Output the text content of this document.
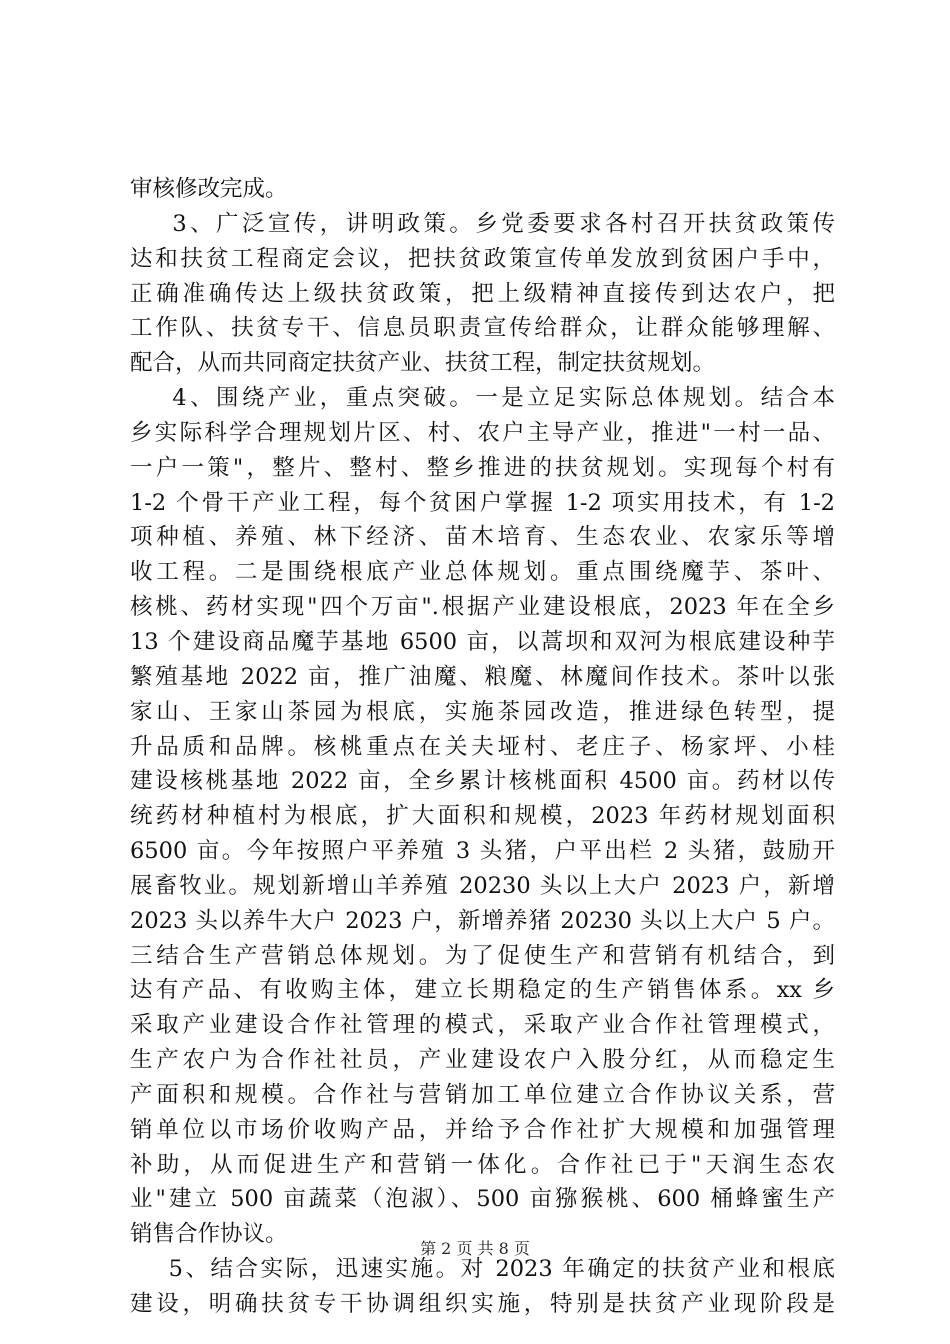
审核修改完成。
3、广泛宣传，讲明政策。乡党委要求各村召开扶贫政策传
达和扶贫工程商定会议，把扶贫政策宣传单发放到贫困户手中，
正确准确传达上级扶贫政策，把上级精神直接传到达农户，把
工作队、扶贫专干、信息员职责宣传给群众，让群众能够理解、
配合，从而共同商定扶贫产业、扶贫工程，制定扶贫规划。
4、围绕产业，重点突破。一是立足实际总体规划。结合本
乡实际科学合理规划片区、村、农户主导产业，推进"一村一品、
一户一策"，整片、整村、整乡推进的扶贫规划。实现每个村有
1-2 个骨干产业工程，每个贫困户掌握 1-2 项实用技术，有 1-2
项种植、养殖、林下经济、苗木培育、生态农业、农家乐等增
收工程。二是围绕根底产业总体规划。重点围绕魔芋、茶叶、
核桃、药材实现"四个万亩".根据产业建设根底，2023 年在全乡
13 个建设商品魔芋基地 6500 亩，以蒿坝和双河为根底建设种芋
繁殖基地 2022 亩，推广油魔、粮魔、林魔间作技术。茶叶以张
家山、王家山茶园为根底，实施茶园改造，推进绿色转型，提
升品质和品牌。核桃重点在关夫垭村、老庄子、杨家坪、小桂
建设核桃基地 2022 亩，全乡累计核桃面积 4500 亩。药材以传
统药材种植村为根底，扩大面积和规模，2023 年药材规划面积
6500 亩。今年按照户平养殖 3 头猪，户平出栏 2 头猪，鼓励开
展畜牧业。规划新增山羊养殖 20230 头以上大户 2023 户，新增
2023 头以养牛大户 2023 户，新增养猪 20230 头以上大户 5 户。
三结合生产营销总体规划。为了促使生产和营销有机结合，到
达有产品、有收购主体，建立长期稳定的生产销售体系。xx 乡
采取产业建设合作社管理的模式，采取产业合作社管理模式，
生产农户为合作社社员，产业建设农户入股分红，从而稳定生
产面积和规模。合作社与营销加工单位建立合作协议关系，营
销单位以市场价收购产品，并给予合作社扩大规模和加强管理
补助，从而促进生产和营销一体化。合作社已于"天润生态农
业"建立 500 亩蔬菜（泡淑）、500 亩猕猴桃、600 桶蜂蜜生产
销售合作协议。
5、结合实际，迅速实施。对 2023 年确定的扶贫产业和根底
建设，明确扶贫专干协调组织实施，特别是扶贫产业现阶段是
第 2 页 共 8 页
